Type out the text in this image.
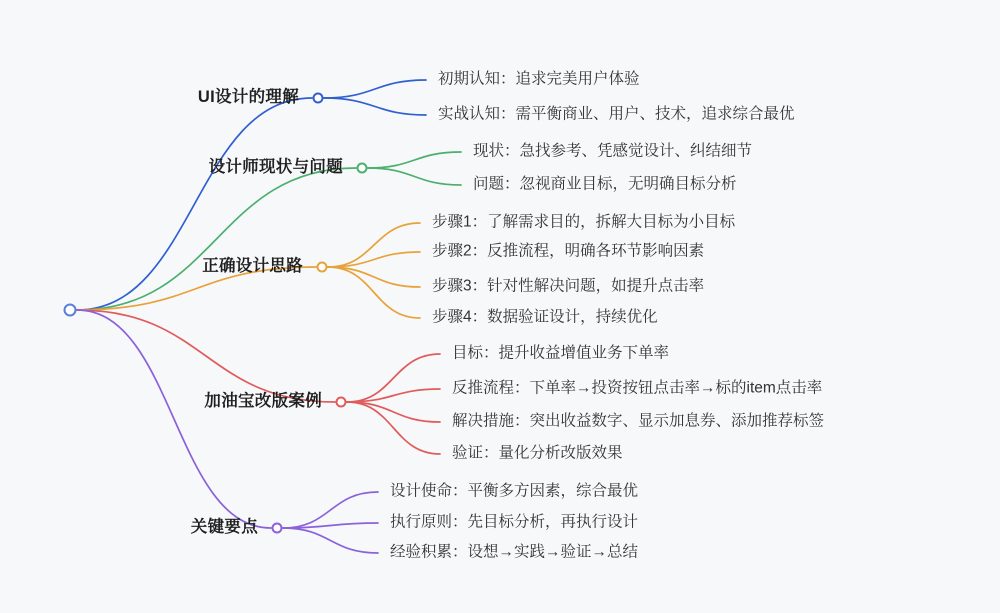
UI设计的理解
初期认知：追求完美用户体验
实战认知：需平衡商业、用户、技术，追求综合最优
设计师现状与问题
现状：急找参考、凭感觉设计、纠结细节
问题：忽视商业目标，无明确目标分析
正确设计思路
步骤1：了解需求目的，拆解大目标为小目标
步骤2：反推流程，明确各环节影响因素
步骤3：针对性解决问题，如提升点击率
步骤4：数据验证设计，持续优化
加油宝改版案例
目标：提升收益增值业务下单率
反推流程：下单率→投资按钮点击率→标的item点击率
解决措施：突出收益数字、显示加息券、添加推荐标签
验证：量化分析改版效果
关键要点
设计使命：平衡多方因素，综合最优
执行原则：先目标分析，再执行设计
经验积累：设想→实践→验证→总结
